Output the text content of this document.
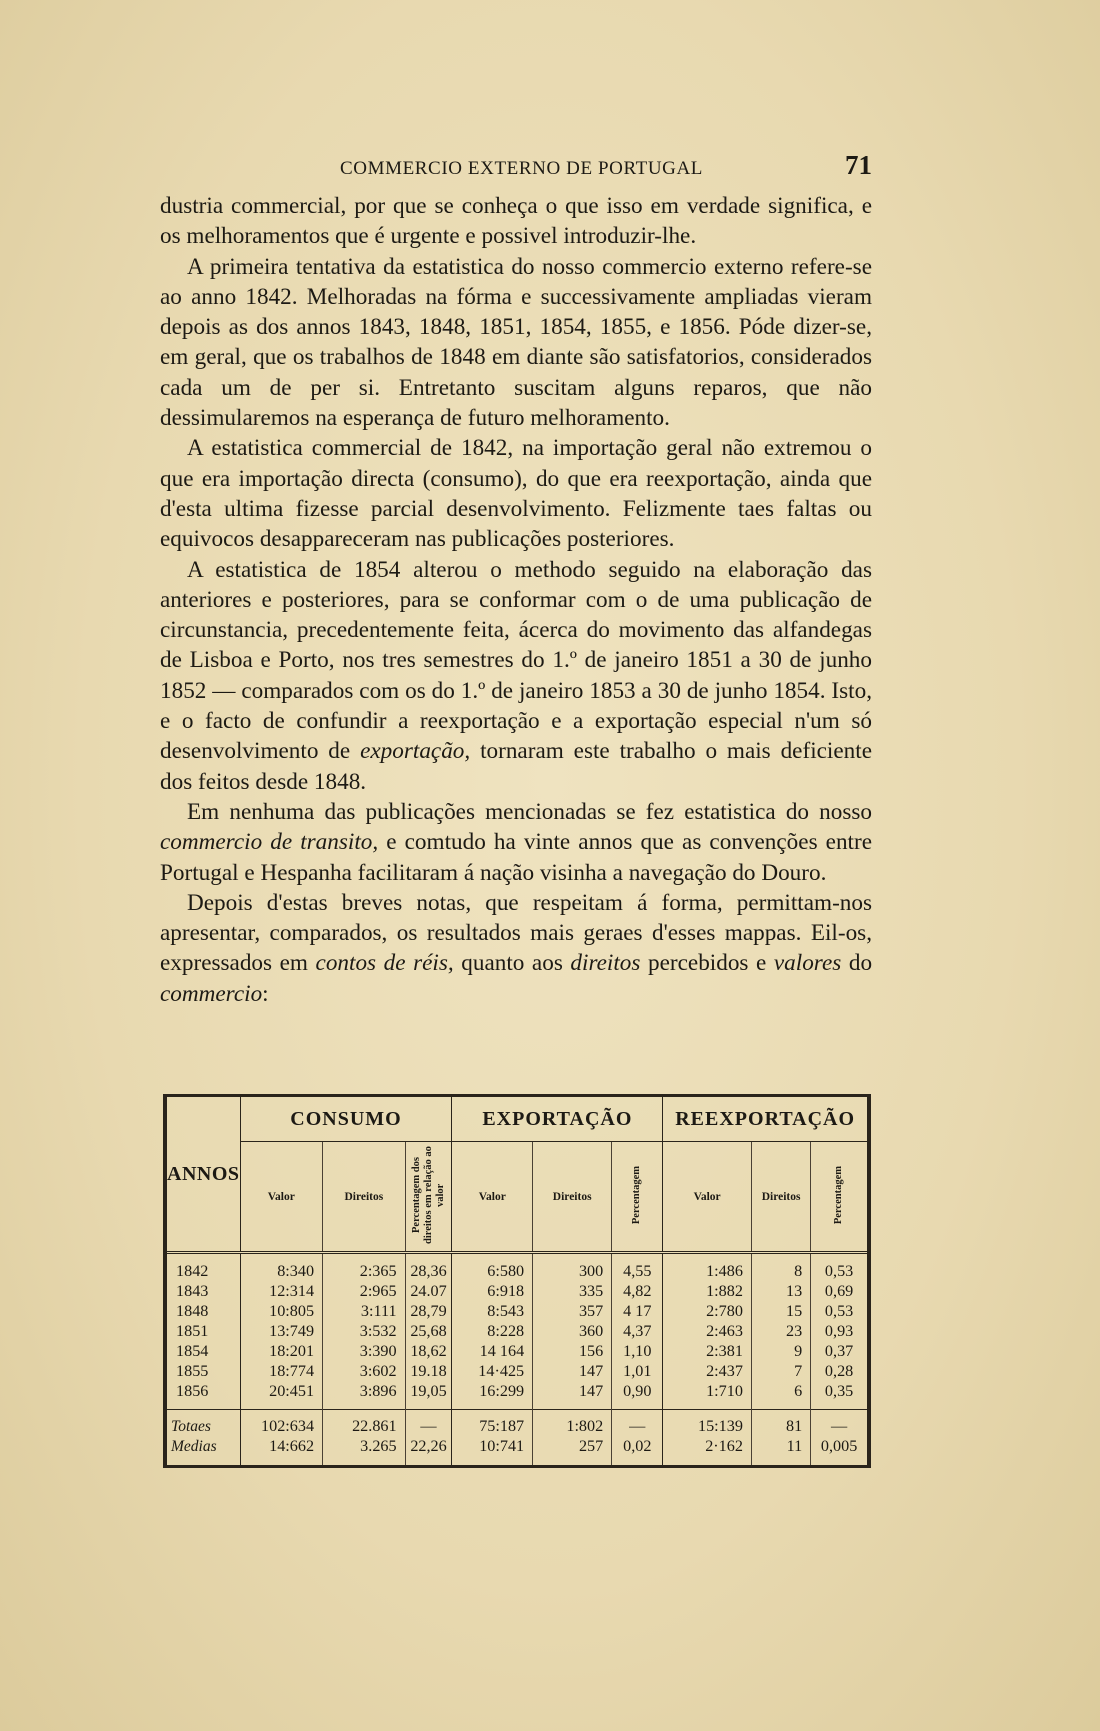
COMMERCIO EXTERNO DE PORTUGAL	71

dustria commercial, por que se conheça o que isso em verdade significa, e os melhoramentos que é urgente e possivel introduzir-lhe.

A primeira tentativa da estatistica do nosso commercio externo refere-se ao anno 1842. Melhoradas na fórma e successivamente ampliadas vieram depois as dos annos 1843, 1848, 1851, 1854, 1855, e 1856. Póde dizer-se, em geral, que os trabalhos de 1848 em diante são satisfatorios, considerados cada um de per si. Entretanto suscitam alguns reparos, que não dessimularemos na esperança de futuro melhoramento.

A estatistica commercial de 1842, na importação geral não extremou o que era importação directa (consumo), do que era reexportação, ainda que d'esta ultima fizesse parcial desenvolvimento. Felizmente taes faltas ou equivocos desappareceram nas publicações posteriores.

A estatistica de 1854 alterou o methodo seguido na elaboração das anteriores e posteriores, para se conformar com o de uma publicação de circunstancia, precedentemente feita, ácerca do movimento das alfandegas de Lisboa e Porto, nos tres semestres do 1.º de janeiro 1851 a 30 de junho 1852 — comparados com os do 1.º de janeiro 1853 a 30 de junho 1854. Isto, e o facto de confundir a reexportação e a exportação especial n'um só desenvolvimento de exportação, tornaram este trabalho o mais deficiente dos feitos desde 1848.

Em nenhuma das publicações mencionadas se fez estatistica do nosso commercio de transito, e comtudo ha vinte annos que as convenções entre Portugal e Hespanha facilitaram á nação visinha a navegação do Douro.

Depois d'estas breves notas, que respeitam á forma, permittam-nos apresentar, comparados, os resultados mais geraes d'esses mappas. Eil-os, expressados em contos de réis, quanto aos direitos percebidos e valores do commercio:

ANNOS	CONSUMO			EXPORTAÇÃO			REEXPORTAÇÃO		
	Valor	Direitos	Percentagem dos direitos em relação ao valor	Valor	Direitos	Percentagem	Valor	Direitos	Percentagem

1842	8:340	2:365	28,36	6:580	300	4,55	1:486	8	0,53
1843	12:314	2:965	24.07	6:918	335	4,82	1:882	13	0,69
1848	10:805	3:111	28,79	8:543	357	4 17	2:780	15	0,53
1851	13:749	3:532	25,68	8:228	360	4,37	2:463	23	0,93
1854	18:201	3:390	18,62	14 164	156	1,10	2:381	9	0,37
1855	18:774	3:602	19.18	14·425	147	1,01	2:437	7	0,28
1856	20:451	3:896	19,05	16:299	147	0,90	1:710	6	0,35

Totaes	102:634	22.861	—	75:187	1:802	—	15:139	81	—
Medias	14:662	3.265	22,26	10:741	257	0,02	2·162	11	0,005
